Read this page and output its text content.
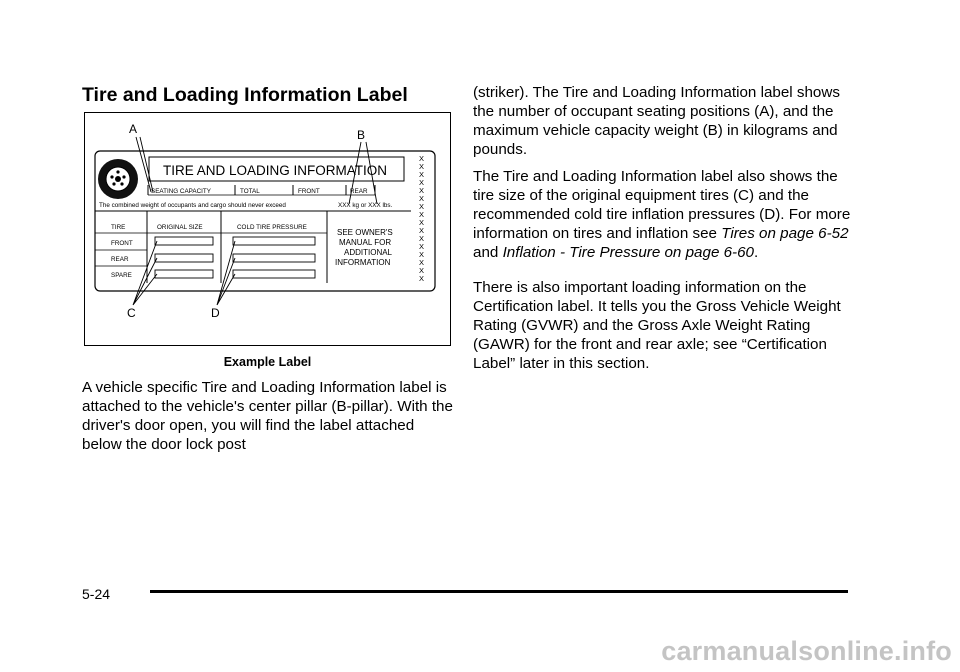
Tire and Loading Information Label
TIRE AND LOADING INFORMATION
SEATING CAPACITY	TOTAL	FRONT	REAR
The combined weight of occupants and cargo should never exceed	XXX kg or XXX lbs.
TIRE	ORIGINAL SIZE	COLD TIRE PRESSURE
FRONT
REAR
SPARE
SEE OWNER'S
MANUAL FOR
ADDITIONAL
INFORMATION
X
X
X
X
X
X
X
X
X
X
X
X
X
X
X
X
A	B
C	D
Example Label

A vehicle specific Tire and Loading Information label is attached to the vehicle's center pillar (B-pillar). With the driver's door open, you will find the label attached below the door lock post

(striker). The Tire and Loading Information label shows the number of occupant seating positions (A), and the maximum vehicle capacity weight (B) in kilograms and pounds.

The Tire and Loading Information label also shows the tire size of the original equipment tires (C) and the recommended cold tire inflation pressures (D). For more information on tires and inflation see Tires on page 6-52 and Inflation - Tire Pressure on page 6-60.

There is also important loading information on the Certification label. It tells you the Gross Vehicle Weight Rating (GVWR) and the Gross Axle Weight Rating (GAWR) for the front and rear axle; see “Certification Label” later in this section.

5-24
carmanualsonline.info
